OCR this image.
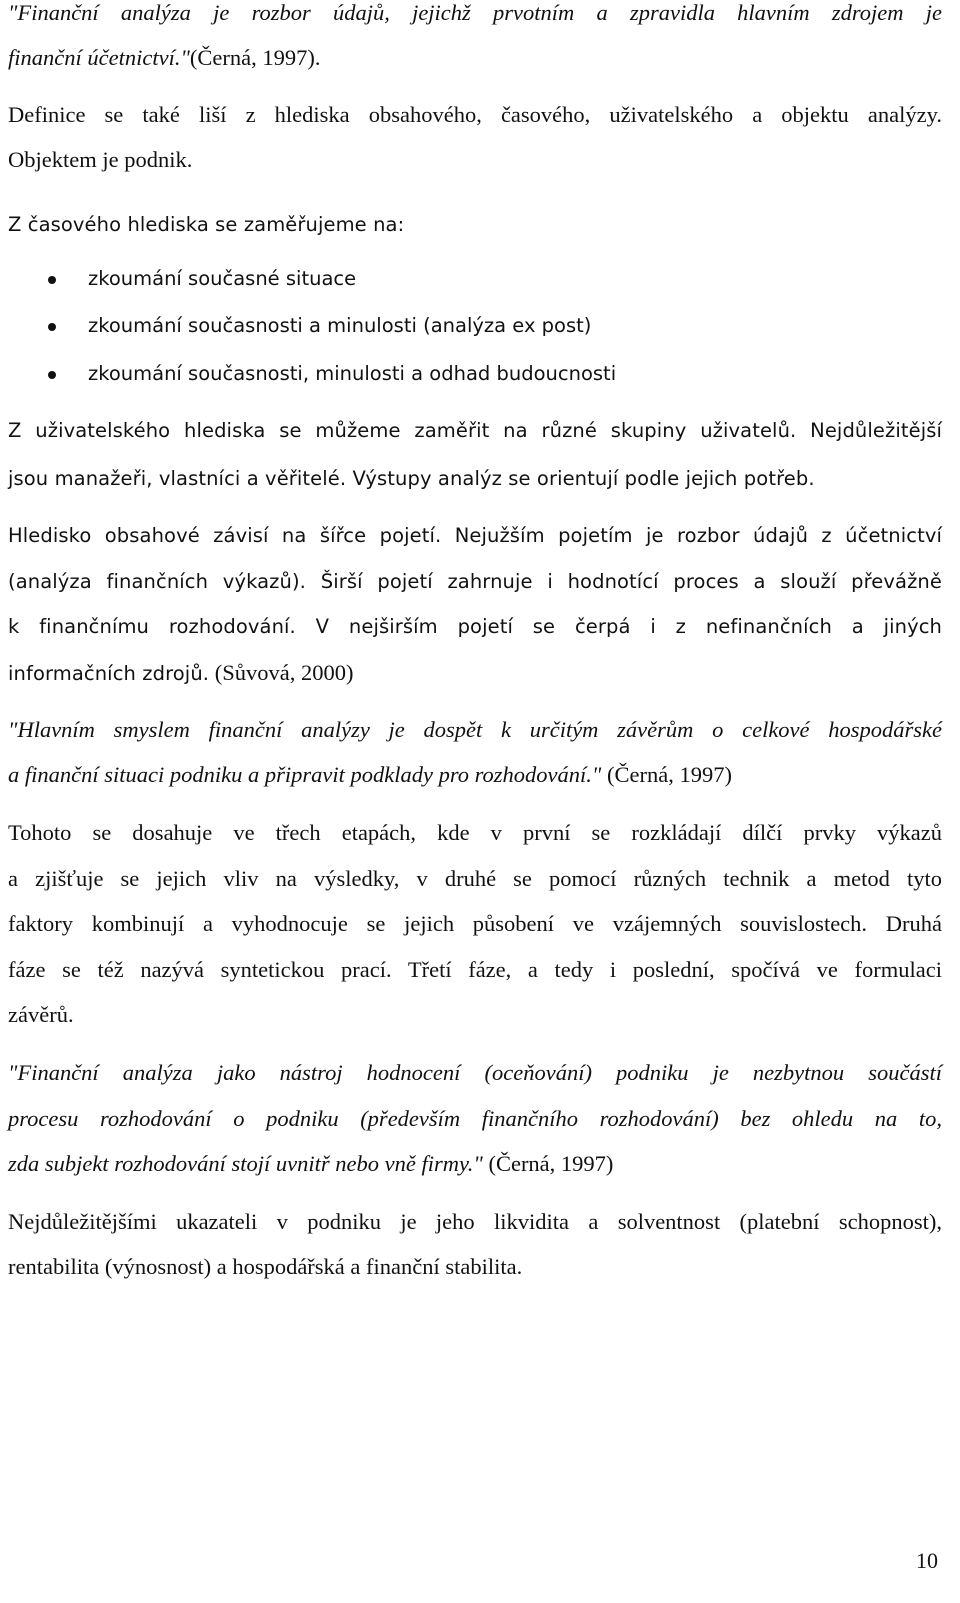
"Finanční analýza je rozbor údajů, jejichž prvotním a zpravidla hlavním zdrojem je
finanční účetnictví."(Černá, 1997).
Definice se také liší z hlediska obsahového, časového, uživatelského a objektu analýzy.
Objektem je podnik.
Z časového hlediska se zaměřujeme na:
zkoumání současné situace
zkoumání současnosti a minulosti (analýza ex post)
zkoumání současnosti, minulosti a odhad budoucnosti
Z uživatelského hlediska se můžeme zaměřit na různé skupiny uživatelů. Nejdůležitější
jsou manažeři, vlastníci a věřitelé. Výstupy analýz se orientují podle jejich potřeb.
Hledisko obsahové závisí na šířce pojetí. Nejužším pojetím je rozbor údajů z účetnictví
(analýza finančních výkazů). Širší pojetí zahrnuje i hodnotící proces a slouží převážně
k finančnímu rozhodování. V nejširším pojetí se čerpá i z nefinančních a jiných
informačních zdrojů. (Sůvová, 2000)
"Hlavním smyslem finanční analýzy je dospět k určitým závěrům o celkové hospodářské
a finanční situaci podniku a připravit podklady pro rozhodování." (Černá, 1997)
Tohoto se dosahuje ve třech etapách, kde v první se rozkládají dílčí prvky výkazů
a zjišťuje se jejich vliv na výsledky, v druhé se pomocí různých technik a metod tyto
faktory kombinují a vyhodnocuje se jejich působení ve vzájemných souvislostech. Druhá
fáze se též nazývá syntetickou prací. Třetí fáze, a tedy i poslední, spočívá ve formulaci
závěrů.
"Finanční analýza jako nástroj hodnocení (oceňování) podniku je nezbytnou součástí
procesu rozhodování o podniku (především finančního rozhodování) bez ohledu na to,
zda subjekt rozhodování stojí uvnitř nebo vně firmy." (Černá, 1997)
Nejdůležitějšími ukazateli v podniku je jeho likvidita a solventnost (platební schopnost),
rentabilita (výnosnost) a hospodářská a finanční stabilita.
10
